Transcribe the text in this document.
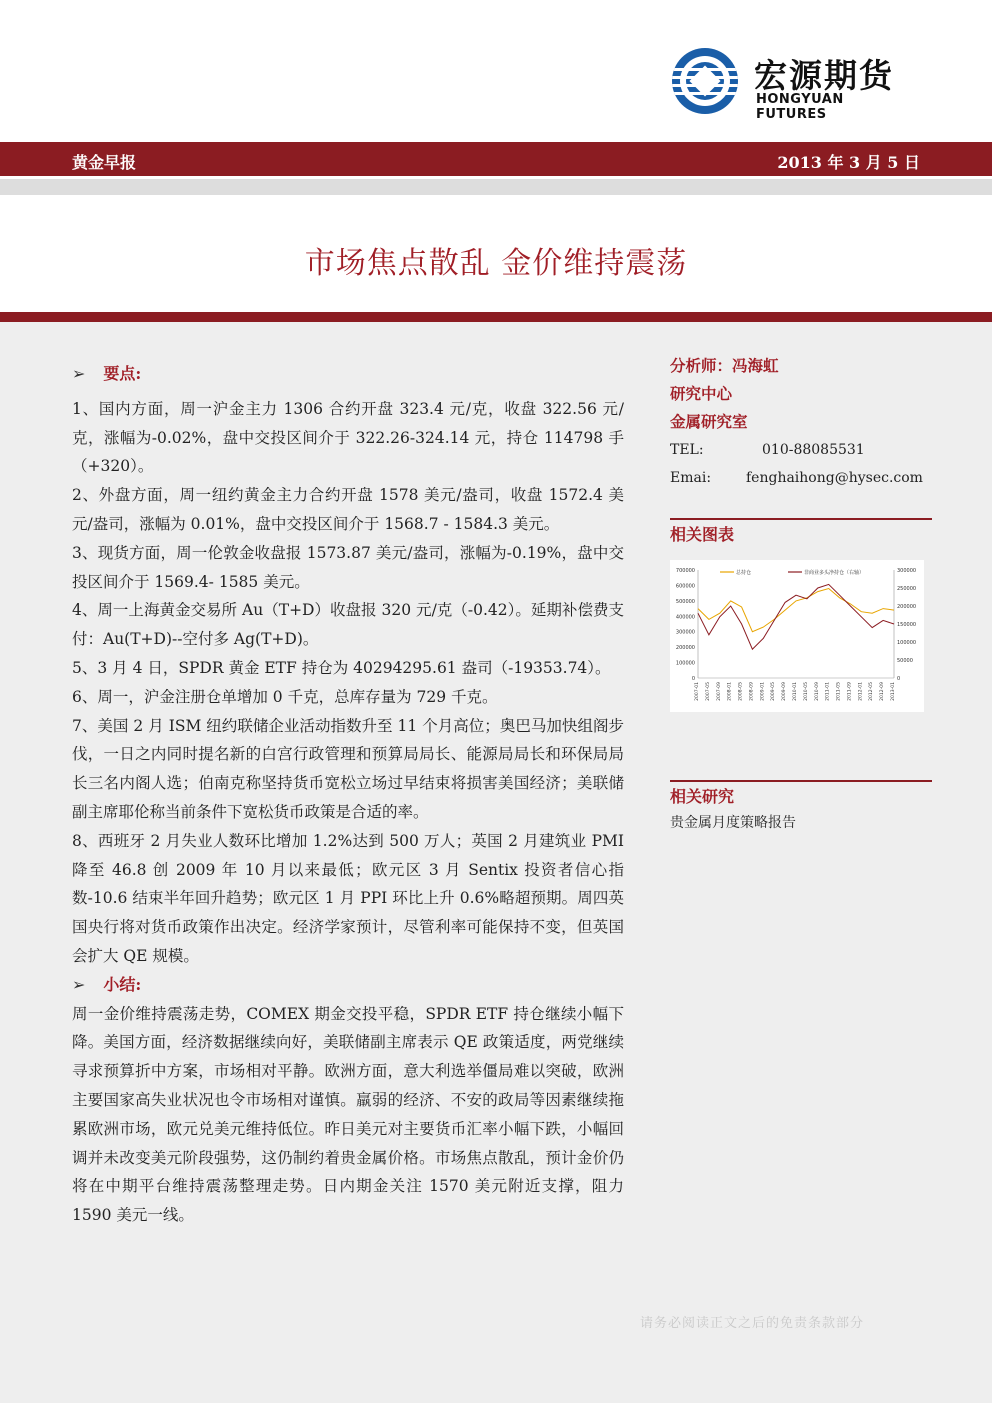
宏源期货
HONGYUAN FUTURES
黄金早报	2013 年 3 月 5 日
市场焦点散乱 金价维持震荡

➢ 要点:

1、国内方面，周一沪金主力 1306 合约开盘 323.4 元/克，收盘 322.56 元/克，涨幅为-0.02%，盘中交投区间介于 322.26-324.14 元，持仓 114798 手（+320）。

2、外盘方面，周一纽约黄金主力合约开盘 1578 美元/盎司，收盘 1572.4 美元/盎司，涨幅为 0.01%，盘中交投区间介于 1568.7 - 1584.3 美元。

3、现货方面，周一伦敦金收盘报 1573.87 美元/盎司，涨幅为-0.19%，盘中交投区间介于 1569.4- 1585 美元。

4、周一上海黄金交易所 Au（T+D）收盘报 320 元/克（-0.42）。延期补偿费支付：Au(T+D)--空付多 Ag(T+D)。

5、3 月 4 日，SPDR 黄金 ETF 持仓为 40294295.61 盎司（-19353.74）。

6、周一，沪金注册仓单增加 0 千克，总库存量为 729 千克。

7、美国 2 月 ISM 纽约联储企业活动指数升至 11 个月高位；奥巴马加快组阁步伐，一日之内同时提名新的白宫行政管理和预算局局长、能源局局长和环保局局长三名内阁人选；伯南克称坚持货币宽松立场过早结束将损害美国经济；美联储副主席耶伦称当前条件下宽松货币政策是合适的率。

8、西班牙 2 月失业人数环比增加 1.2%达到 500 万人；英国 2 月建筑业 PMI 降至 46.8 创 2009 年 10 月以来最低；欧元区 3 月 Sentix 投资者信心指数-10.6 结束半年回升趋势；欧元区 1 月 PPI 环比上升 0.6%略超预期。周四英国央行将对货币政策作出决定。经济学家预计，尽管利率可能保持不变，但英国会扩大 QE 规模。

➢ 小结:

周一金价维持震荡走势，COMEX 期金交投平稳，SPDR ETF 持仓继续小幅下降。美国方面，经济数据继续向好，美联储副主席表示 QE 政策适度，两党继续寻求预算折中方案，市场相对平静。欧洲方面，意大利选举僵局难以突破，欧洲主要国家高失业状况也令市场相对谨慎。羸弱的经济、不安的政局等因素继续拖累欧洲市场，欧元兑美元维持低位。昨日美元对主要货币汇率小幅下跌，小幅回调并未改变美元阶段强势，这仍制约着贵金属价格。市场焦点散乱，预计金价仍将在中期平台维持震荡整理走势。日内期金关注 1570 美元附近支撑，阻力 1590 美元一线。

分析师：冯海虹
研究中心
金属研究室
TEL:	010-88085531
Emai:	fenghaihong@hysec.com
相关图表
700000
600000
500000
400000
300000
200000
100000
0
300000
250000
200000
150000
100000
50000
0
2007-01 2007-05 2007-09 2008-01 2008-05 2008-09 2009-01 2009-05 2009-09 2010-01 2010-05 2010-09 2011-01 2011-05 2011-09 2012-01 2012-05 2012-09 2013-01
总持仓	非商业多头净持仓（右轴）
相关研究
贵金属月度策略报告
请务必阅读正文之后的免责条款部分
